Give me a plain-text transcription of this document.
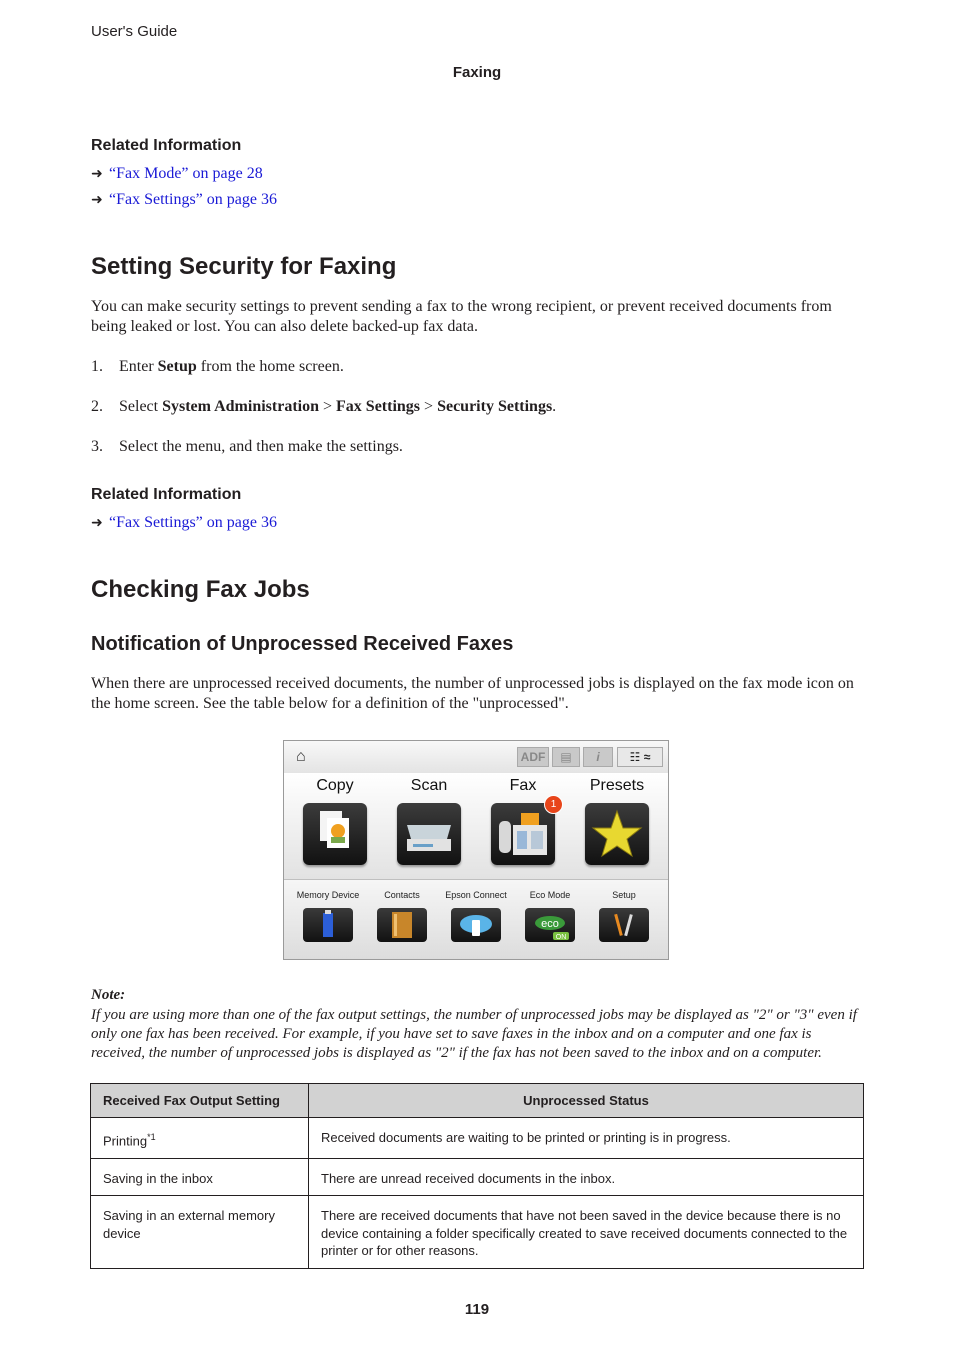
User's Guide
Faxing
Related Information
➜ “Fax Mode” on page 28
➜ “Fax Settings” on page 36
Setting Security for Faxing

You can make security settings to prevent sending a fax to the wrong recipient, or prevent received documents from being leaked or lost. You can also delete backed-up fax data.

1. Enter Setup from the home screen.
2. Select System Administration > Fax Settings > Security Settings.
3. Select the menu, and then make the settings.
Related Information
➜ “Fax Settings” on page 36
Checking Fax Jobs
Notification of Unprocessed Received Faxes

When there are unprocessed received documents, the number of unprocessed jobs is displayed on the fax mode icon on the home screen. See the table below for a definition of the "unprocessed".

⌂	ADF	▤	i	☷ ≈
Copy	Scan	Fax
1
Presets
Memory Device	Contacts	Epson Connect	Eco Mode
eco
ON
Setup
Note:

If you are using more than one of the fax output settings, the number of unprocessed jobs may be displayed as "2" or "3" even if only one fax has been received. For example, if you have set to save faxes in the inbox and on a computer and one fax is received, the number of unprocessed jobs is displayed as "2" if the fax has not been saved to the inbox and on a computer.

Received Fax Output Setting	Unprocessed Status
Printing$^{*1}$	Received documents are waiting to be printed or printing is in progress.
Saving in the inbox	There are unread received documents in the inbox.
Saving in an external memory device	There are received documents that have not been saved in the device because there is no device containing a folder specifically created to save received documents connected to the printer or for other reasons.
119
